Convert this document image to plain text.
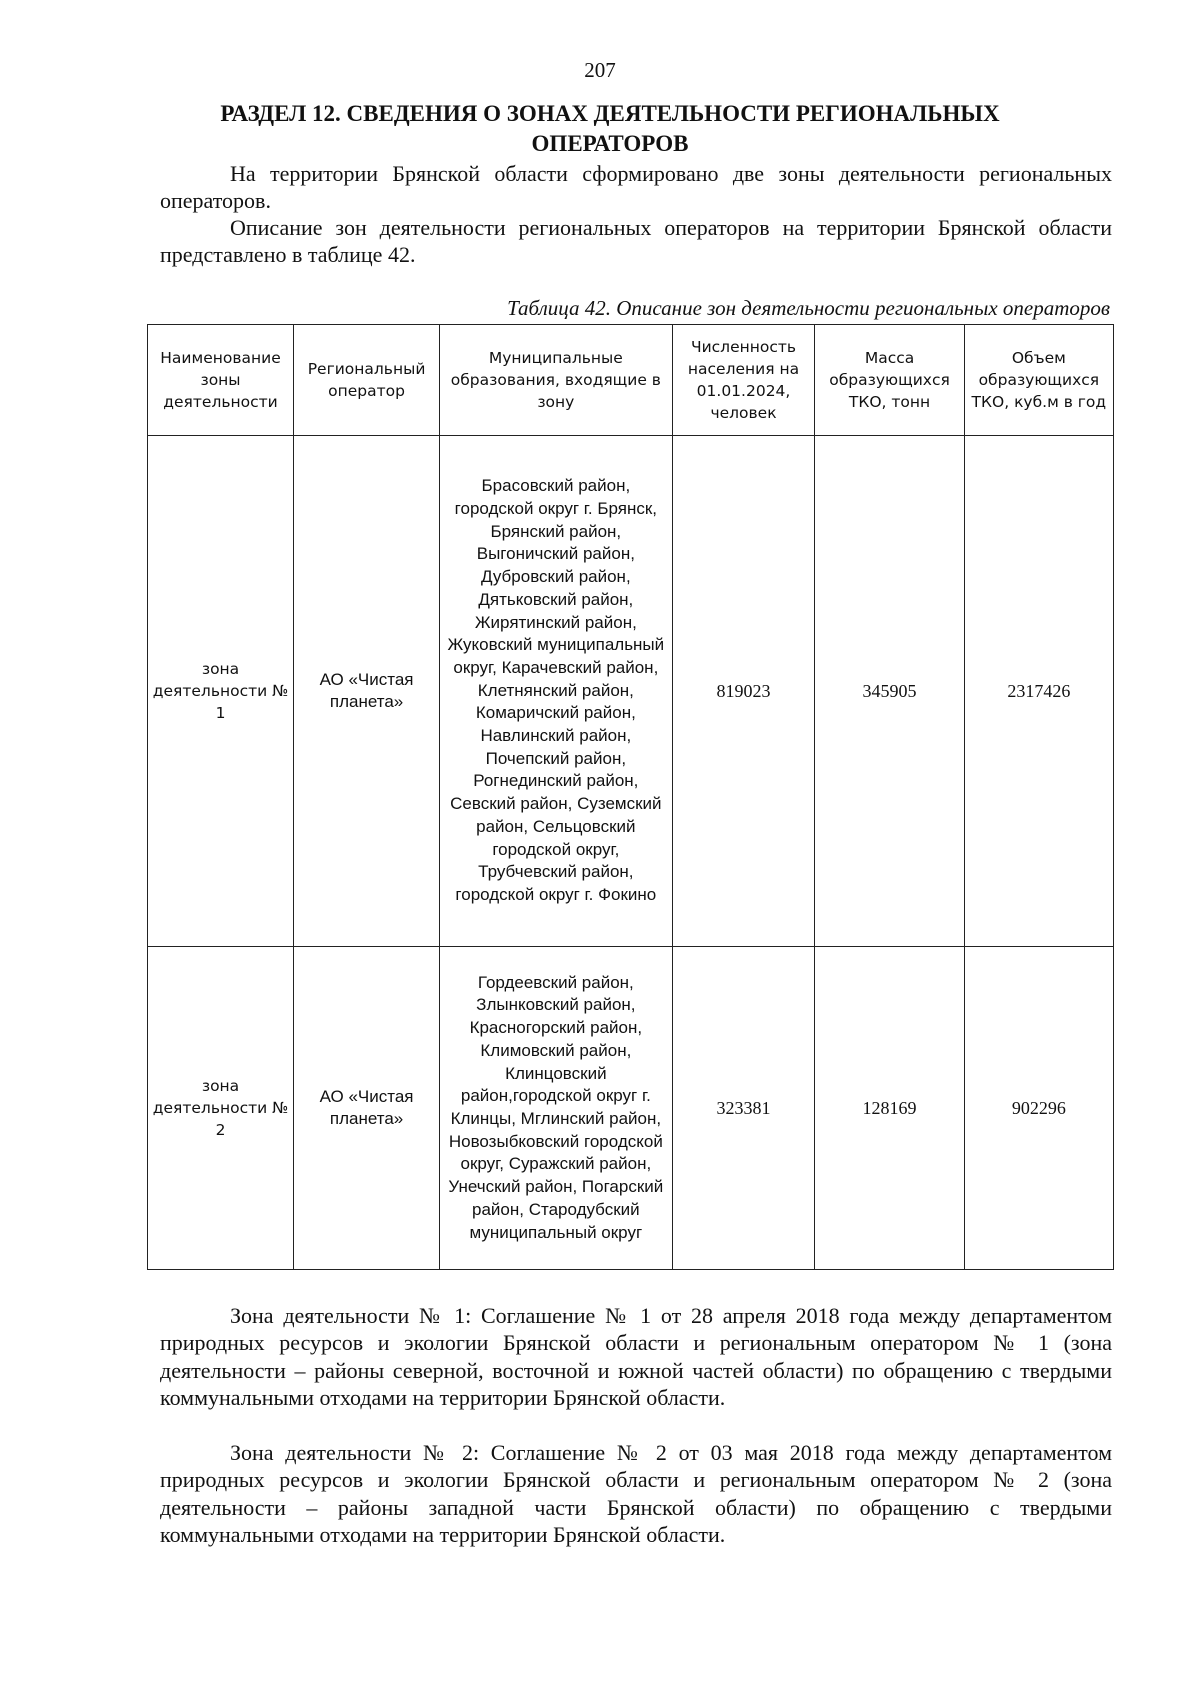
207
РАЗДЕЛ 12. СВЕДЕНИЯ О ЗОНАХ ДЕЯТЕЛЬНОСТИ РЕГИОНАЛЬНЫХ ОПЕРАТОРОВ
На территории Брянской области сформировано две зоны деятельности региональных операторов.
Описание зон деятельности региональных операторов на территории Брянской области представлено в таблице 42.
Таблица 42. Описание зон деятельности региональных операторов
Наименование зоны деятельности	Региональный оператор	Муниципальные образования, входящие в зону	Численность населения на 01.01.2024, человек	Масса образующихся ТКО, тонн	Объем образующихся ТКО, куб.м в год
зона деятельности № 1	АО «Чистая планета»	Брасовский район, городской округ г. Брянск, Брянский район, Выгоничский район, Дубровский район, Дятьковский район, Жирятинский район, Жуковский муниципальный округ, Карачевский район, Клетнянский район, Комаричский район, Навлинский район, Почепский район, Рогнединский район, Севский район, Суземский район, Сельцовский городской округ, Трубчевский район, городской округ г. Фокино	819023	345905	2317426
зона деятельности № 2	АО «Чистая планета»	Гордеевский район, Злынковский район, Красногорский район, Климовский район, Клинцовский район,городской округ г. Клинцы, Мглинский район, Новозыбковский городской округ, Суражский район, Унечский район, Погарский район, Стародубский муниципальный округ	323381	128169	902296
Зона деятельности № 1: Соглашение № 1 от 28 апреля 2018 года между департаментом природных ресурсов и экологии Брянской области и региональным оператором № 1 (зона деятельности – районы северной, восточной и южной частей области) по обращению с твердыми коммунальными отходами на территории Брянской области.
Зона деятельности № 2: Соглашение № 2 от 03 мая 2018 года между департаментом природных ресурсов и экологии Брянской области и региональным оператором № 2 (зона деятельности – районы западной части Брянской области) по обращению с твердыми коммунальными отходами на территории Брянской области.
